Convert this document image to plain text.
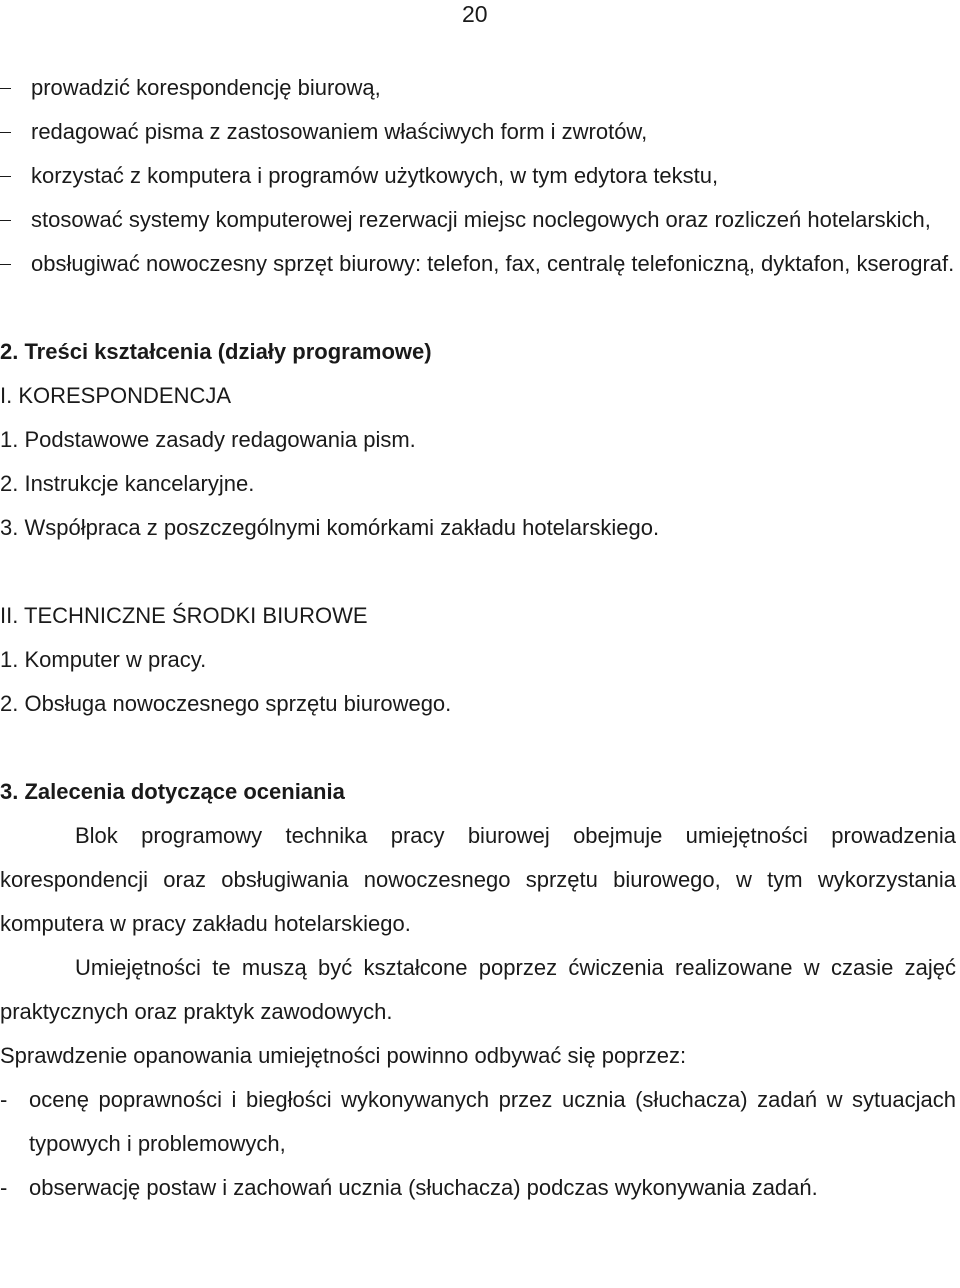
20
prowadzić korespondencję biurową,
redagować pisma z zastosowaniem właściwych form i zwrotów,
korzystać z komputera i programów użytkowych, w tym edytora tekstu,
stosować systemy komputerowej rezerwacji miejsc noclegowych oraz rozliczeń hotelarskich,
obsługiwać nowoczesny sprzęt biurowy: telefon, fax, centralę telefoniczną, dyktafon, kserograf.
2. Treści kształcenia (działy programowe)
I. KORESPONDENCJA
1. Podstawowe zasady redagowania pism.
2. Instrukcje kancelaryjne.
3. Współpraca z poszczególnymi komórkami zakładu hotelarskiego.
II. TECHNICZNE ŚRODKI BIUROWE
1. Komputer w pracy.
2. Obsługa nowoczesnego sprzętu biurowego.
3. Zalecenia dotyczące oceniania
Blok programowy technika pracy biurowej obejmuje umiejętności prowadzenia korespondencji oraz obsługiwania nowoczesnego sprzętu biurowego, w tym wykorzystania komputera w pracy zakładu hotelarskiego.
Umiejętności te muszą być kształcone poprzez ćwiczenia realizowane w czasie zajęć praktycznych oraz praktyk zawodowych.
Sprawdzenie opanowania umiejętności powinno odbywać się poprzez:
- ocenę poprawności i biegłości wykonywanych przez ucznia (słuchacza) zadań w sytuacjach typowych i problemowych,
- obserwację postaw i zachowań ucznia (słuchacza) podczas wykonywania zadań.
